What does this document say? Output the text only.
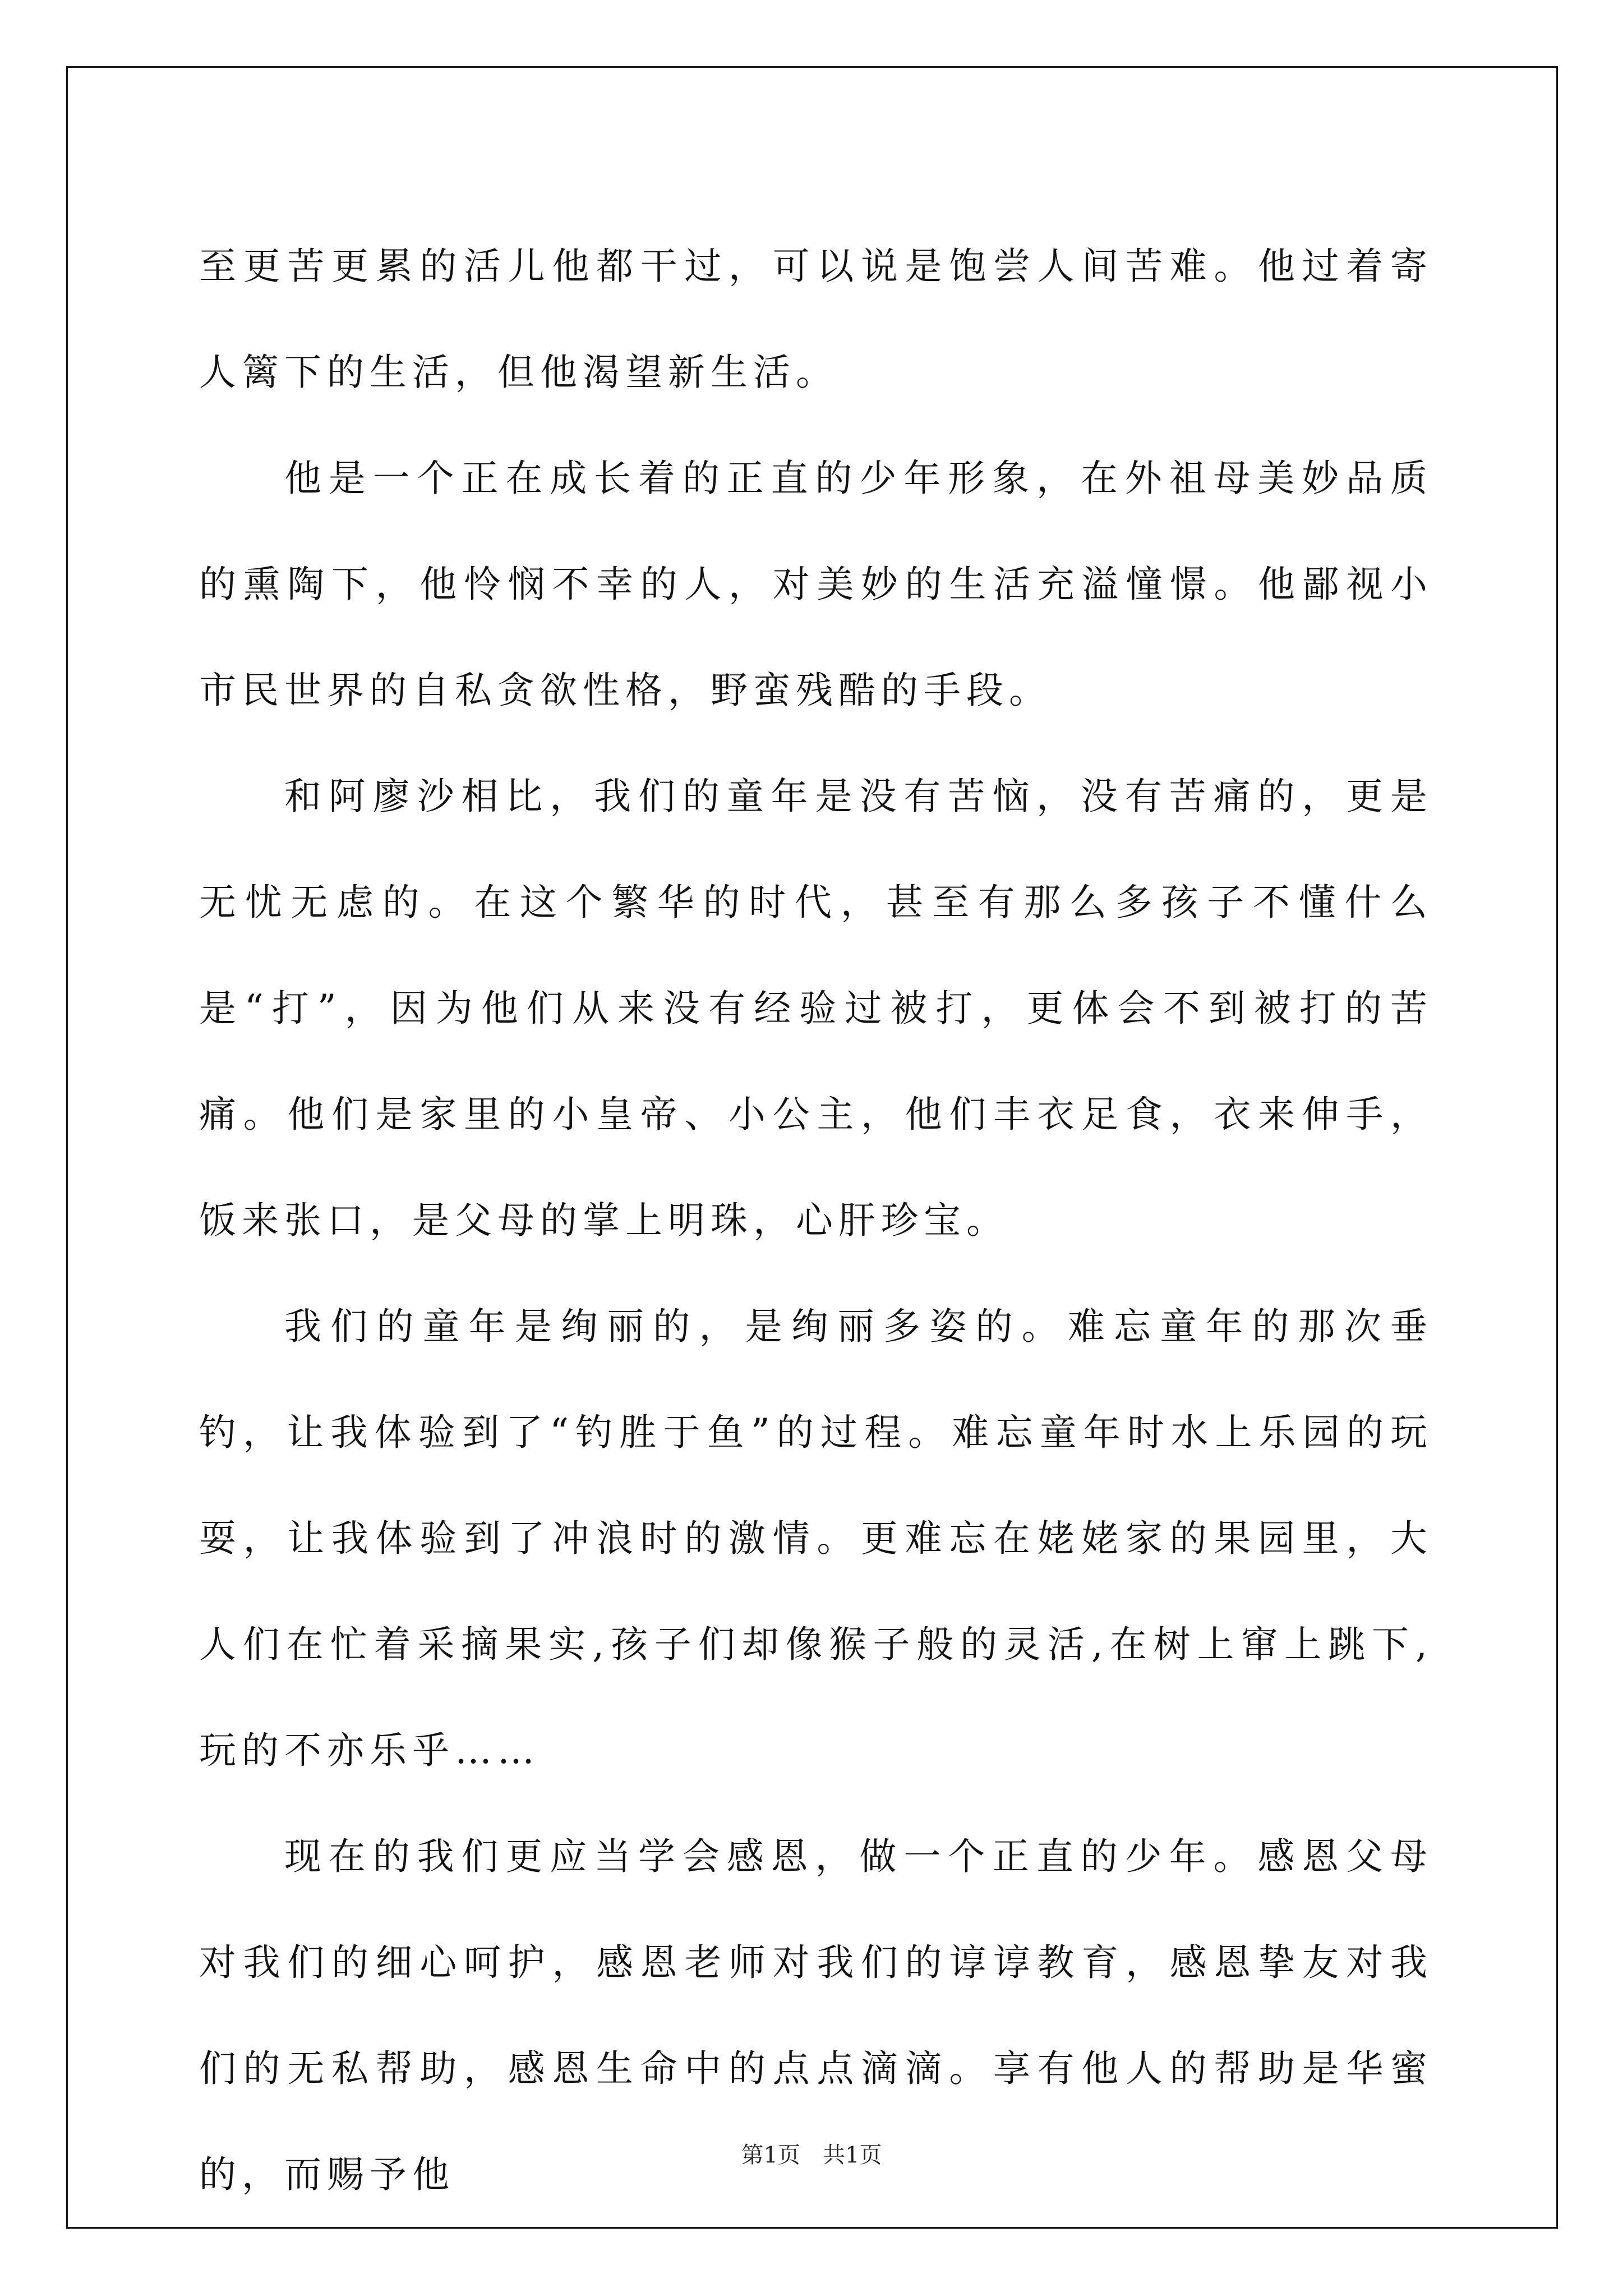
至更苦更累的活儿他都干过，可以说是饱尝人间苦难。他过着寄人篱下的生活，但他渴望新生活。

他是一个正在成长着的正直的少年形象，在外祖母美妙品质的熏陶下，他怜悯不幸的人，对美妙的生活充溢憧憬。他鄙视小市民世界的自私贪欲性格，野蛮残酷的手段。

和阿廖沙相比，我们的童年是没有苦恼，没有苦痛的，更是无忧无虑的。在这个繁华的时代，甚至有那么多孩子不懂什么是“打”，因为他们从来没有经验过被打，更体会不到被打的苦痛。他们是家里的小皇帝、小公主，他们丰衣足食，衣来伸手，饭来张口，是父母的掌上明珠，心肝珍宝。

我们的童年是绚丽的，是绚丽多姿的。难忘童年的那次垂钓，让我体验到了“钓胜于鱼”的过程。难忘童年时水上乐园的玩耍，让我体验到了冲浪时的激情。更难忘在姥姥家的果园里，大人们在忙着采摘果实,孩子们却像猴子般的灵活,在树上窜上跳下,玩的不亦乐乎……

现在的我们更应当学会感恩，做一个正直的少年。感恩父母对我们的细心呵护，感恩老师对我们的谆谆教育，感恩挚友对我们的无私帮助，感恩生命中的点点滴滴。享有他人的帮助是华蜜的，而赐予他	第1页　共1页
